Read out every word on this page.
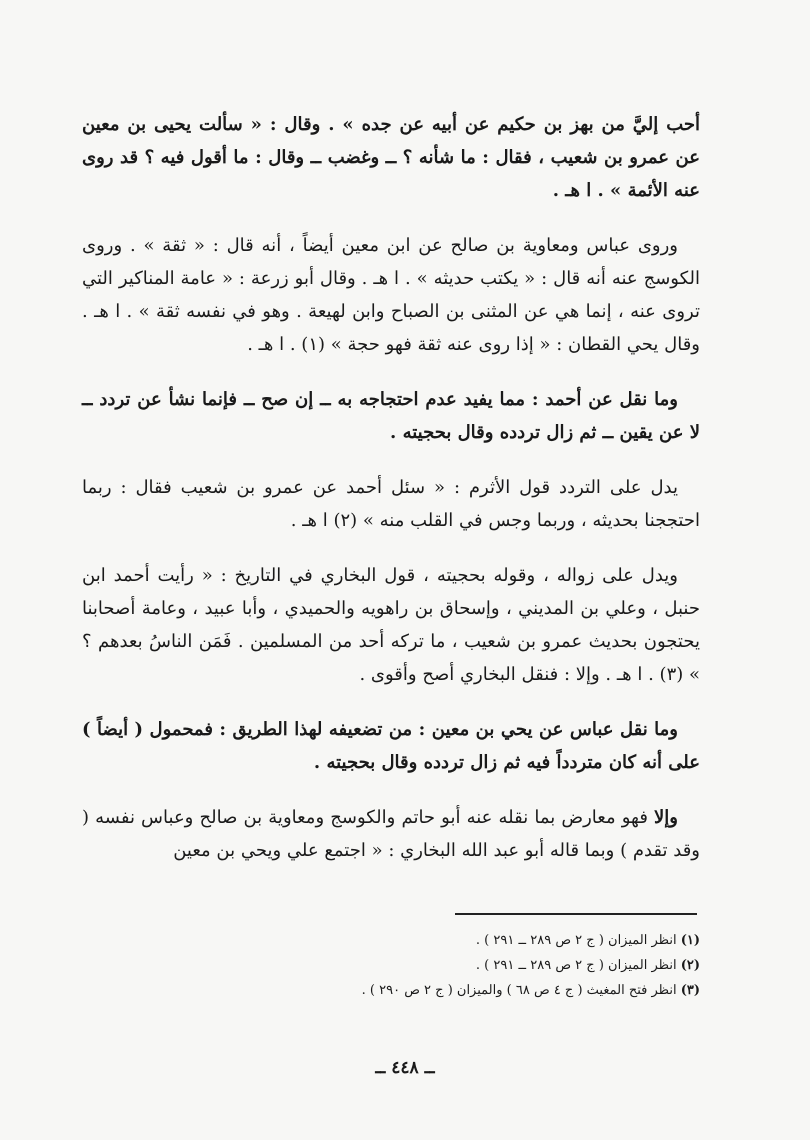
أحب إليَّ من بهز بن حكيم عن أبيه عن جده » . وقال : « سألت يحيى بن معين عن عمرو بن شعيب ، فقال : ما شأنه ؟ ــ وغضب ــ وقال : ما أقول فيه ؟ قد روى عنه الأئمة » . ا هـ .

وروى عباس ومعاوية بن صالح عن ابن معين أيضاً ، أنه قال : « ثقة » . وروى الكوسج عنه أنه قال : « يكتب حديثه » . ا هـ . وقال أبو زرعة : « عامة المناكير التي تروى عنه ، إنما هي عن المثنى بن الصباح وابن لهيعة . وهو في نفسه ثقة » . ا هـ . وقال يحي القطان : « إذا روى عنه ثقة فهو حجة » (١) . ا هـ .

وما نقل عن أحمد : مما يفيد عدم احتجاجه به ــ إن صح ــ فإنما نشأ عن تردد ــ لا عن يقين ــ ثم زال تردده وقال بحجيته .

يدل على التردد قول الأثرم : « سئل أحمد عن عمرو بن شعيب فقال : ربما احتججنا بحديثه ، وربما وجس في القلب منه » (٢) ا هـ .

ويدل على زواله ، وقوله بحجيته ، قول البخاري في التاريخ : « رأيت أحمد ابن حنبل ، وعلي بن المديني ، وإسحاق بن راهويه والحميدي ، وأبا عبيد ، وعامة أصحابنا يحتجون بحديث عمرو بن شعيب ، ما تركه أحد من المسلمين . فَمَن الناسُ بعدهم ؟ » (٣) . ا هـ . وإلا : فنقل البخاري أصح وأقوى .

وما نقل عباس عن يحي بن معين : من تضعيفه لهذا الطريق : فمحمول ( أيضاً ) على أنه كان متردداً فيه ثم زال تردده وقال بحجيته .

وإلا فهو معارض بما نقله عنه أبو حاتم والكوسج ومعاوية بن صالح وعباس نفسه ( وقد تقدم ) وبما قاله أبو عبد الله البخاري : « اجتمع علي ويحي بن معين

(١) انظر الميزان ( ج ٢ ص ٢٨٩ ــ ٢٩١ ) .
(٢) انظر الميزان ( ج ٢ ص ٢٨٩ ــ ٢٩١ ) .
(٣) انظر فتح المغيث ( ج ٤ ص ٦٨ ) والميزان ( ج ٢ ص ٢٩٠ ) .
ــ ٤٤٨ ــ
